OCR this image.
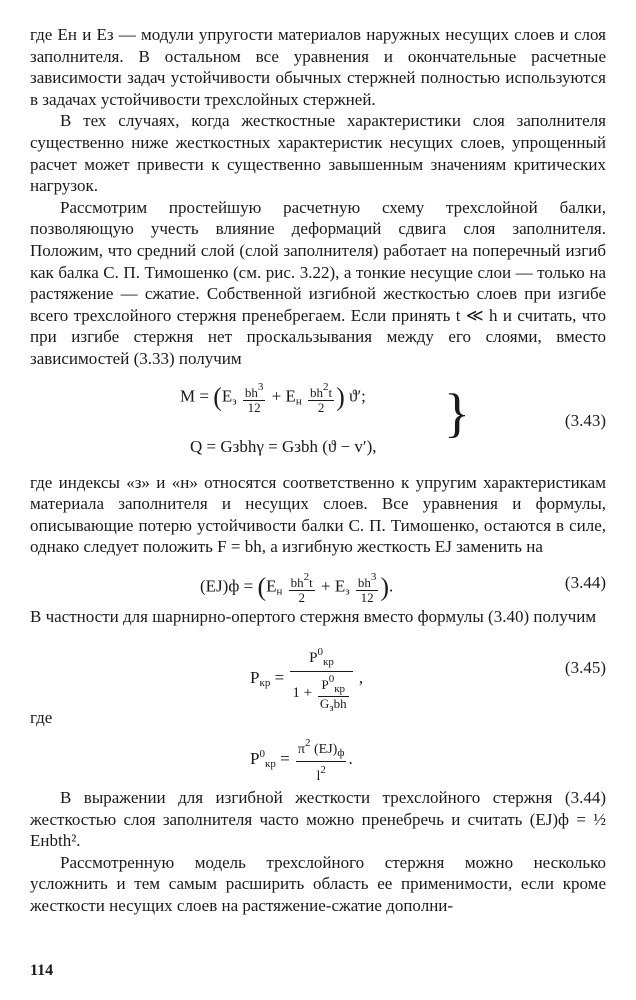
где Eн и Eз — модули упругости материалов наружных несущих слоев и слоя заполнителя. В остальном все уравнения и окончательные расчетные зависимости задач устойчивости обычных стержней полностью используются в задачах устойчивости трехслойных стержней.

В тех случаях, когда жесткостные характеристики слоя заполнителя существенно ниже жесткостных характеристик несущих слоев, упрощенный расчет может привести к существенно завышенным значениям критических нагрузок.

Рассмотрим простейшую расчетную схему трехслойной балки, позволяющую учесть влияние деформаций сдвига слоя заполнителя. Положим, что средний слой (слой заполнителя) работает на поперечный изгиб как балка С. П. Тимошенко (см. рис. 3.22), а тонкие несущие слои — только на растяжение — сжатие. Собственной изгибной жесткостью слоев при изгибе всего трехслойного стержня пренебрегаем. Если принять t ≪ h и считать, что при изгибе стержня нет проскальзывания между его слоями, вместо зависимостей (3.33) получим

$M = (E_з \frac{bh^3}{12} + E_н \frac{bh^2t}{2}$ ) ϑ′;
Q = Gзbhγ = Gзbh (ϑ − v′),
}	(3.43)

где индексы «з» и «н» относятся соответственно к упругим характеристикам материала заполнителя и несущих слоев. Все уравнения и формулы, описывающие потерю устойчивости балки С. П. Тимошенко, остаются в силе, однако следует положить F = bh, а изгибную жесткость EJ заменить на

$(EJ)ф = (E_н \frac{bh^2t}{2} + E_з \frac{bh^3}{12}$ ).	(3.44)

В частности для шарнирно-опертого стержня вместо формулы (3.40) получим

$P_{кр} = \frac{P^0_{кр}}{1 + \frac{P^0_{кр}}{G_зbh}}$ ,
(3.45)

где

$P^0_{кр} = \frac{\pi^2 (EJ)_ф}{l^2}$ .

В выражении для изгибной жесткости трехслойного стержня (3.44) жесткостью слоя заполнителя часто можно пренебречь и считать (EJ)ф = ½ Eнbth².

Рассмотренную модель трехслойного стержня можно несколько усложнить и тем самым расширить область ее применимости, если кроме жесткости несущих слоев на растяжение-сжатие дополни-

114
